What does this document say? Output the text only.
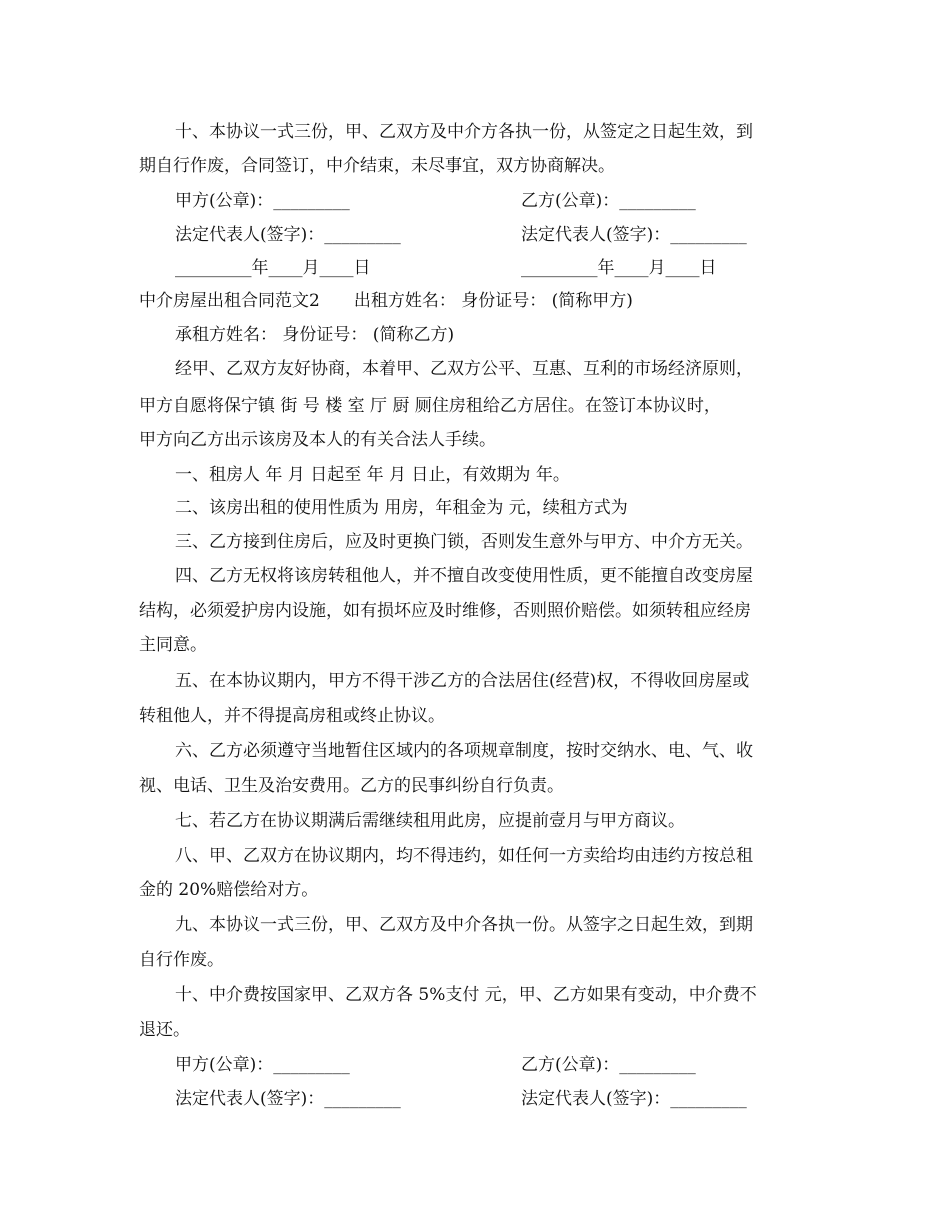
十、本协议一式三份，甲、乙双方及中介方各执一份，从签定之日起生效，到
期自行作废，合同签订，中介结束，未尽事宜，双方协商解决。
甲方(公章)：_________	乙方(公章)：_________
法定代表人(签字)：_________	法定代表人(签字)：_________
_________年____月____日	_________年____月____日
中介房屋出租合同范文2　　出租方姓名： 身份证号： (简称甲方)
承租方姓名： 身份证号： (简称乙方)
经甲、乙双方友好协商，本着甲、乙双方公平、互惠、互利的市场经济原则，
甲方自愿将保宁镇 街 号 楼 室 厅 厨 厕住房租给乙方居住。在签订本协议时，
甲方向乙方出示该房及本人的有关合法人手续。
一、租房人 年 月 日起至 年 月 日止，有效期为 年。
二、该房出租的使用性质为 用房，年租金为 元，续租方式为
三、乙方接到住房后，应及时更换门锁，否则发生意外与甲方、中介方无关。
四、乙方无权将该房转租他人，并不擅自改变使用性质，更不能擅自改变房屋
结构，必须爱护房内设施，如有损坏应及时维修，否则照价赔偿。如须转租应经房
主同意。
五、在本协议期内，甲方不得干涉乙方的合法居住(经营)权，不得收回房屋或
转租他人，并不得提高房租或终止协议。
六、乙方必须遵守当地暂住区域内的各项规章制度，按时交纳水、电、气、收
视、电话、卫生及治安费用。乙方的民事纠纷自行负责。
七、若乙方在协议期满后需继续租用此房，应提前壹月与甲方商议。
八、甲、乙双方在协议期内，均不得违约，如任何一方卖给均由违约方按总租
金的 20%赔偿给对方。
九、本协议一式三份，甲、乙双方及中介各执一份。从签字之日起生效，到期
自行作废。
十、中介费按国家甲、乙双方各 5%支付 元，甲、乙方如果有变动，中介费不
退还。
甲方(公章)：_________	乙方(公章)：_________
法定代表人(签字)：_________	法定代表人(签字)：_________
